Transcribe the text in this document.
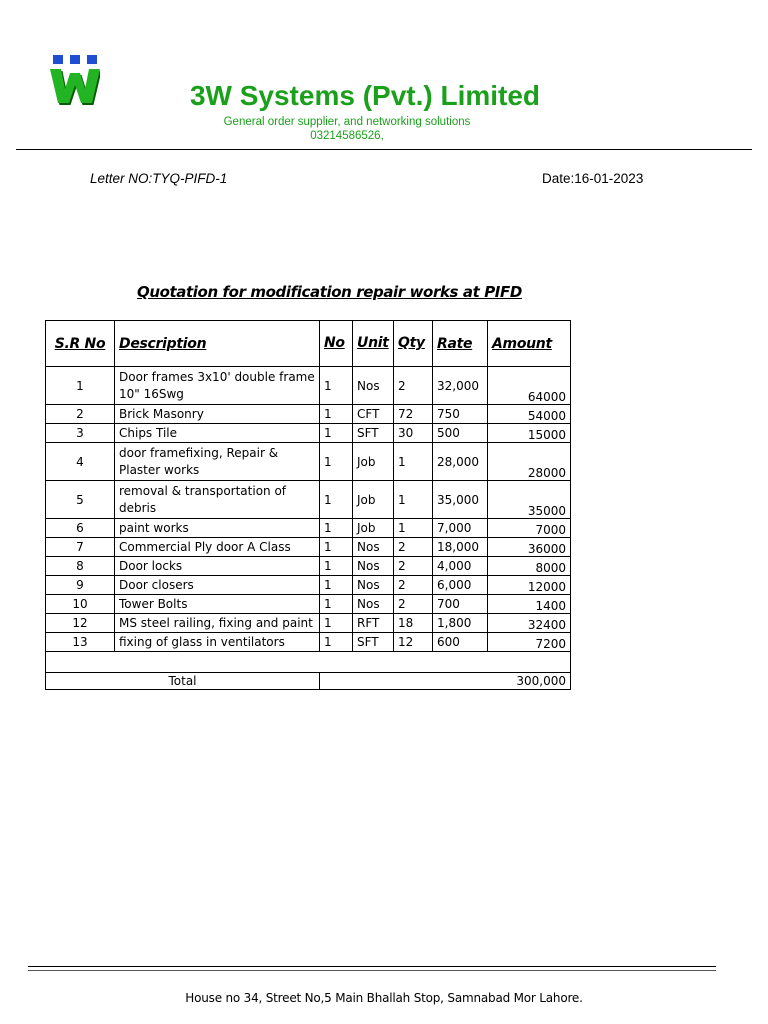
3W Systems (Pvt.) Limited
General order supplier, and networking solutions
03214586526,
Letter NO:TYQ-PIFD-1	Date:16-01-2023
Quotation for modification repair works at PIFD
S.R No	Description	No	Unit	Qty	Rate	Amount
1	Door frames 3x10' double frame 10" 16Swg	1	Nos	2	32,000	64000
2	Brick Masonry	1	CFT	72	750	54000
3	Chips Tile	1	SFT	30	500	15000
4	door framefixing, Repair & Plaster works	1	Job	1	28,000	28000
5	removal & transportation of debris	1	Job	1	35,000	35000
6	paint works	1	Job	1	7,000	7000
7	Commercial Ply door A Class	1	Nos	2	18,000	36000
8	Door locks	1	Nos	2	4,000	8000
9	Door closers	1	Nos	2	6,000	12000
10	Tower Bolts	1	Nos	2	700	1400
12	MS steel railing, fixing and paint	1	RFT	18	1,800	32400
13	fixing of glass in ventilators	1	SFT	12	600	7200

Total		300,000				
House no 34, Street No,5 Main Bhallah Stop, Samnabad Mor Lahore.
